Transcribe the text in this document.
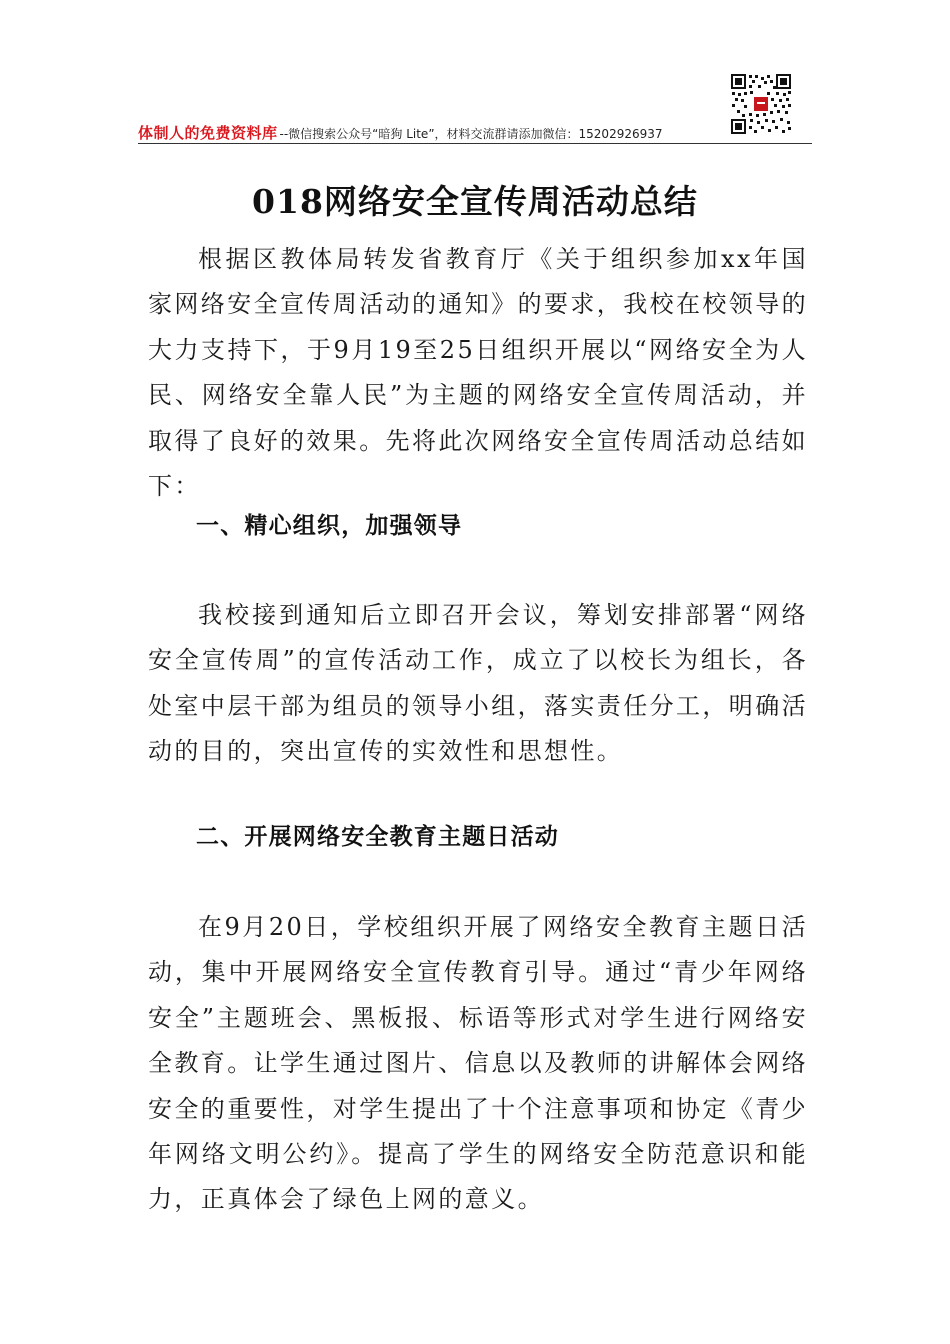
体制人的免费资料库 --微信搜索公众号“暗狗 Lite”，材料交流群请添加微信：15202926937
018网络安全宣传周活动总结

根据区教体局转发省教育厅《关于组织参加xx年国家网络安全宣传周活动的通知》的要求，我校在校领导的大力支持下，于9月19至25日组织开展以“网络安全为人民、网络安全靠人民”为主题的网络安全宣传周活动，并取得了良好的效果。先将此次网络安全宣传周活动总结如下：

一、精心组织，加强领导

我校接到通知后立即召开会议，筹划安排部署“网络安全宣传周”的宣传活动工作，成立了以校长为组长，各处室中层干部为组员的领导小组，落实责任分工，明确活动的目的，突出宣传的实效性和思想性。

二、开展网络安全教育主题日活动

在9月20日，学校组织开展了网络安全教育主题日活动，集中开展网络安全宣传教育引导。通过“青少年网络安全”主题班会、黑板报、标语等形式对学生进行网络安全教育。让学生通过图片、信息以及教师的讲解体会网络安全的重要性，对学生提出了十个注意事项和协定《青少年网络文明公约》。提高了学生的网络安全防范意识和能力，正真体会了绿色上网的意义。
